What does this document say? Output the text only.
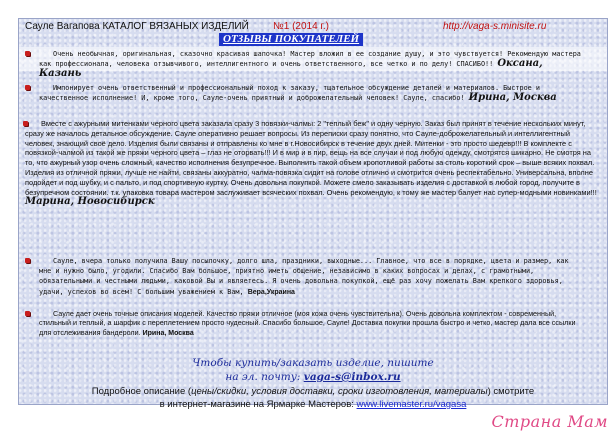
Сауле Вагапова КАТАЛОГ ВЯЗАНЫХ ИЗДЕЛИЙ №1 (2014 г.)	http://vaga-s.minisite.ru
ОТЗЫВЫ ПОКУПАТЕЛЕЙ

Очень необычная, оригинальная, сказочно красивая шапочка! Мастер вложил в ее создание душу, и это чувствуется! Рекомендую мастера как профессионала, человека отзывчивого, интеллигентного и очень ответственного, все четко и по делу! СПАСИБО!! Оксана, Казань

Импонирует очень ответственный и профессиональный поход к заказу, тщательное обсуждение деталей и материалов. Быстрое и качественное исполнение! И, кроме того, Сауле-очень приятный и доброжелательный человек! Сауле, спасибо! Ирина, Москва

Вместе с ажурными митенками черного цвета заказала сразу 3 повязки-чалмы: 2 "теплый беж" и одну черную. Заказ был принят в течение нескольких минут, сразу же началось детальное обсуждение. Сауле оперативно решает вопросы. Из переписки сразу понятно, что Сауле-доброжелательный и интеллигентный человек, знающий своё дело. Изделия были связаны и отправлены ко мне в г.Новосибирск в течение двух дней. Митенки - это просто шедевр!!! В комплекте с повязкой-чалмой из такой же пряжи черного цвета – глаз не оторвать!!! И в мир и в пир, вещь на все случаи и под любую одежду, смотрятся шикарно. Не смотря на то, что ажурный узор очень сложный, качество исполнения безупречное. Выполнить такой объем кропотливой работы за столь короткий срок – выше всяких похвал. Изделия из отличной пряжи, лучше не найти, связаны аккуратно, чалма-повязка сидит на голове отлично и смотрится очень респектабельно. Универсальна, вполне подойдет и под шубку, и с пальто, и под спортивную куртку. Очень довольна покупкой. Можете смело заказывать изделия с доставкой в любой город, получите в безупречном состоянии. т.к. упаковка товара мастером заслуживает всяческих похвал. Очень рекомендую, к тому же мастер балует нас супер-модными новинками!!! Марина, Новосибирск

Сауле, вчера только получила Вашу посылочку, долго шла, праздники, выходные... Главное, что все в порядке, цвета и размер, как мне и нужно было, угодили. Спасибо Вам большое, приятно иметь общение, независимо в каких вопросах и делах, с грамотными, обязательными и честными людьми, каковой Вы и являетесь. Я очень довольна покупкой, ещё раз хочу пожелать Вам крепкого здоровья, удачи, успехов во всем! С большим уважением к Вам, Вера,Украина

Сауле дает очень точные описания моделей. Качество пряжи отличное (моя кожа очень чувствительна). Очень довольна комплектом - современный, стильный и теплый, а шарфик с переплетением просто чудесный. Спасибо большое, Сауле! Доставка покупки прошла быстро и четко, мастер дала все ссылки для отслеживания бандероли. Ирина, Москва

Чтобы купить/заказать изделие, пишите
на эл. почту: vaga-s@inbox.ru
Подробное описание (цены/скидки, условия доставки, сроки изготовления, материалы) смотрите
в интернет-магазине на Ярмарке Мастеров: www.livemaster.ru/vagasa
Страна Мам
